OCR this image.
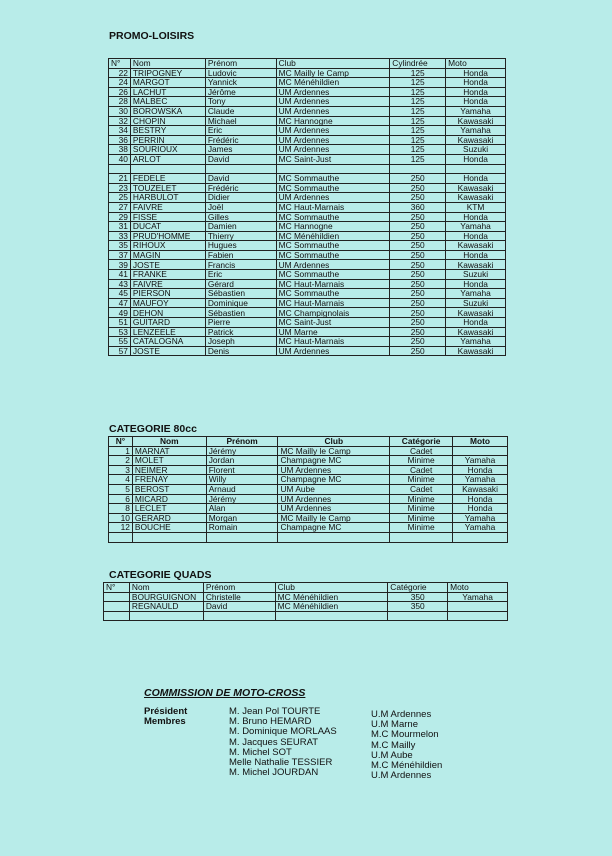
PROMO-LOISIRS
N°	Nom	Prénom	Club	Cylindrée	Moto
22	TRIPOGNEY	Ludovic	MC Mailly le Camp	125	Honda
24	MARGOT	Yannick	MC Ménéhildien	125	Honda
26	LACHUT	Jérôme	UM Ardennes	125	Honda
28	MALBEC	Tony	UM Ardennes	125	Honda
30	BOROWSKA	Claude	UM Ardennes	125	Yamaha
32	CHOPIN	Michael	MC Hannogne	125	Kawasaki
34	BESTRY	Eric	UM Ardennes	125	Yamaha
36	PERRIN	Frédéric	UM Ardennes	125	Kawasaki
38	SOURIOUX	James	UM Ardennes	125	Suzuki
40	ARLOT	David	MC Saint-Just	125	Honda

21	FEDELE	David	MC Sommauthe	250	Honda
23	TOUZELET	Frédéric	MC Sommauthe	250	Kawasaki
25	HARBULOT	Didier	UM Ardennes	250	Kawasaki
27	FAIVRE	Joël	MC Haut-Marnais	360	KTM
29	FISSE	Gilles	MC Sommauthe	250	Honda
31	DUCAT	Damien	MC Hannogne	250	Yamaha
33	PRUD'HOMME	Thierry	MC Ménéhildien	250	Honda
35	RIHOUX	Hugues	MC Sommauthe	250	Kawasaki
37	MAGIN	Fabien	MC Sommauthe	250	Honda
39	JOSTE	Francis	UM Ardennes	250	Kawasaki
41	FRANKE	Eric	MC Sommauthe	250	Suzuki
43	FAIVRE	Gérard	MC Haut-Marnais	250	Honda
45	PIERSON	Sébastien	MC Sommauthe	250	Yamaha
47	MAUFOY	Dominique	MC Haut-Marnais	250	Suzuki
49	DEHON	Sébastien	MC Champignolais	250	Kawasaki
51	GUITARD	Pierre	MC Saint-Just	250	Honda
53	LENZEELE	Patrick	UM Marne	250	Kawasaki
55	CATALOGNA	Joseph	MC Haut-Marnais	250	Yamaha
57	JOSTE	Denis	UM Ardennes	250	Kawasaki
CATEGORIE 80cc
N°	Nom	Prénom	Club	Catégorie	Moto
1	MARNAT	Jérémy	MC Mailly le Camp	Cadet	
2	MOLET	Jordan	Champagne MC	Minime	Yamaha
3	NEIMER	Florent	UM Ardennes	Cadet	Honda
4	FRENAY	Willy	Champagne MC	Minime	Yamaha
5	BEROST	Arnaud	UM Aube	Cadet	Kawasaki
6	MICARD	Jérémy	UM Ardennes	Minime	Honda
8	LECLET	Alan	UM Ardennes	Minime	Honda
10	GERARD	Morgan	MC Mailly le Camp	Minime	Yamaha
12	BOUCHE	Romain	Champagne MC	Minime	Yamaha

CATEGORIE QUADS
N°	Nom	Prénom	Club	Catégorie	Moto
	BOURGUIGNON	Christelle	MC Ménéhildien	350	Yamaha
	REGNAULD	David	MC Ménéhildien	350	

COMMISSION DE MOTO-CROSS
Président
Membres
M. Jean Pol TOURTE
M. Bruno HEMARD
M. Dominique MORLAAS
M. Jacques SEURAT
M. Michel SOT
Melle Nathalie TESSIER
M. Michel JOURDAN
U.M Ardennes
U.M Marne
M.C Mourmelon
M.C Mailly
U.M Aube
M.C Ménéhildien
U.M Ardennes
